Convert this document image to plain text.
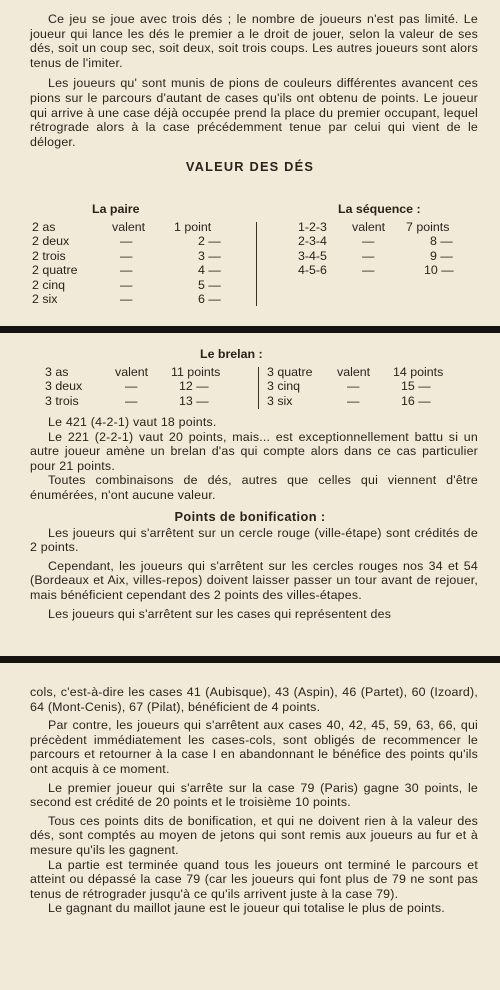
Ce jeu se joue avec trois dés ; le nombre de joueurs n'est pas limité. Le joueur qui lance les dés le premier a le droit de jouer, selon la valeur de ses dés, soit un coup sec, soit deux, soit trois coups. Les autres joueurs sont alors tenus de l'imiter.

Les joueurs qu' sont munis de pions de couleurs différentes avancent ces pions sur le parcours d'autant de cases qu'ils ont obtenu de points. Le joueur qui arrive à une case déjà occupée prend la place du premier occupant, lequel rétrograde alors à la case précédemment tenue par celui qui vient de le déloger.

VALEUR DES DÉS

La paire	La séquence :
2 as	valent	1 point
2 deux	—	2 —
2 trois	—	3 —
2 quatre	—	4 —
2 cinq	—	5 —
2 six	—	6 —
1-2-3	valent	7 points
2-3-4	—	8 —
3-4-5	—	9 —
4-5-6	—	10 —
Le brelan :
3 as	valent	11 points
3 deux	—	12 —
3 trois	—	13 —
3 quatre	valent	14 points
3 cinq	—	15 —
3 six	—	16 —

Le 421 (4-2-1) vaut 18 points.

Le 221 (2-2-1) vaut 20 points, mais... est exceptionnellement battu si un autre joueur amène un brelan d'as qui compte alors dans ce cas particulier pour 21 points.

Toutes combinaisons de dés, autres que celles qui viennent d'être énumérées, n'ont aucune valeur.

Points de bonification :

Les joueurs qui s'arrêtent sur un cercle rouge (ville-étape) sont crédités de 2 points.

Cependant, les joueurs qui s'arrêtent sur les cercles rouges nos 34 et 54 (Bordeaux et Aix, villes-repos) doivent laisser passer un tour avant de rejouer, mais bénéficient cependant des 2 points des villes-étapes.

Les joueurs qui s'arrêtent sur les cases qui représentent des

cols, c'est-à-dire les cases 41 (Aubisque), 43 (Aspin), 46 (Partet), 60 (Izoard), 64 (Mont-Cenis), 67 (Pilat), bénéficient de 4 points.

Par contre, les joueurs qui s'arrêtent aux cases 40, 42, 45, 59, 63, 66, qui précèdent immédiatement les cases-cols, sont obligés de recommencer le parcours et retourner à la case I en abandonnant le bénéfice des points qu'ils ont acquis à ce moment.

Le premier joueur qui s'arrête sur la case 79 (Paris) gagne 30 points, le second est crédité de 20 points et le troisième 10 points.

Tous ces points dits de bonification, et qui ne doivent rien à la valeur des dés, sont comptés au moyen de jetons qui sont remis aux joueurs au fur et à mesure qu'ils les gagnent.

La partie est terminée quand tous les joueurs ont terminé le parcours et atteint ou dépassé la case 79 (car les joueurs qui font plus de 79 ne sont pas tenus de rétrograder jusqu'à ce qu'ils arrivent juste à la case 79).

Le gagnant du maillot jaune est le joueur qui totalise le plus de points.
